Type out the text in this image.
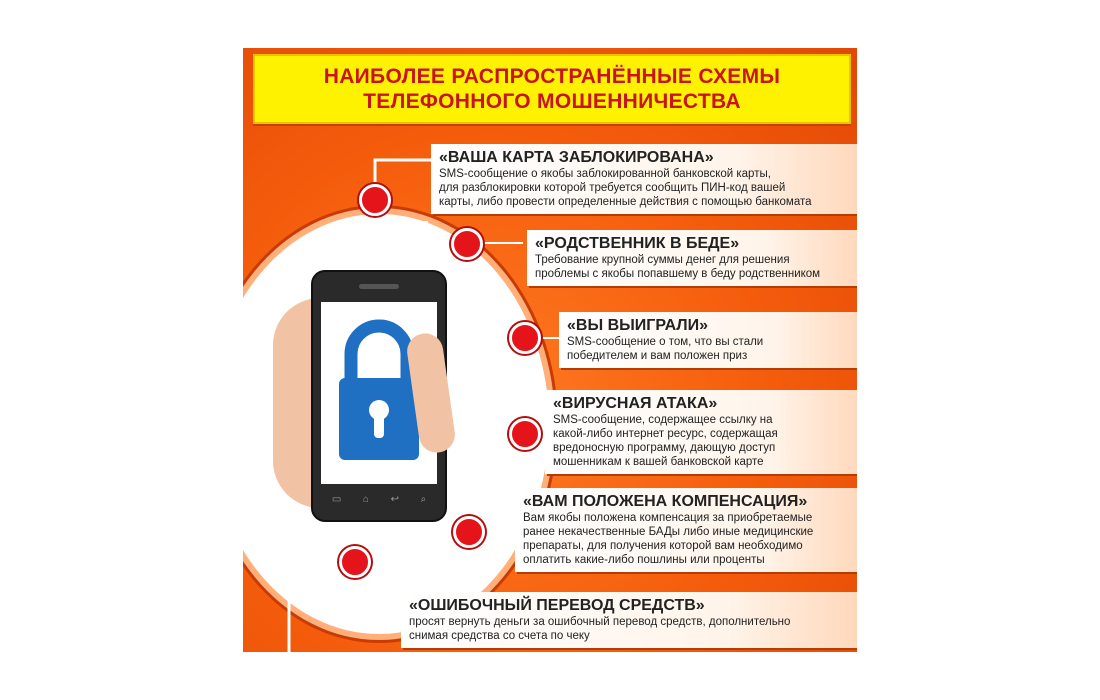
НАИБОЛЕЕ РАСПРОСТРАНЁННЫЕ СХЕМЫ
ТЕЛЕФОННОГО МОШЕННИЧЕСТВА
▭ ⌂ ↩ ⌕
«ВАША КАРТА ЗАБЛОКИРОВАНА»
SMS-сообщение о якобы заблокированной банковской карты,
для разблокировки которой требуется сообщить ПИН-код вашей
карты, либо провести определенные действия с помощью банкомата
«РОДСТВЕННИК В БЕДЕ»
Требование крупной суммы денег для решения
проблемы с якобы попавшему в беду родственником
«ВЫ ВЫИГРАЛИ»
SMS-сообщение о том, что вы стали
победителем и вам положен приз
«ВИРУСНАЯ АТАКА»
SMS-сообщение, содержащее ссылку на
какой-либо интернет ресурс, содержащая
вредоносную программу, дающую доступ
мошенникам к вашей банковской карте
«ВАМ ПОЛОЖЕНА КОМПЕНСАЦИЯ»
Вам якобы положена компенсация за приобретаемые
ранее некачественные БАДы либо иные медицинские
препараты, для получения которой вам необходимо
оплатить какие-либо пошлины или проценты
«ОШИБОЧНЫЙ ПЕРЕВОД СРЕДСТВ»
просят вернуть деньги за ошибочный перевод средств, дополнительно
снимая средства со счета по чеку
